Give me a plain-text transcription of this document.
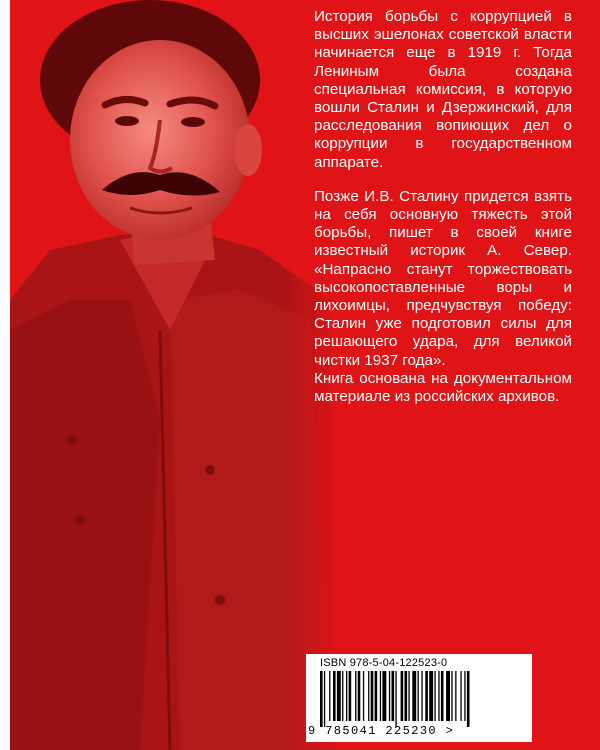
История борьбы с коррупцией в высших эшелонах советской власти начинается еще в 1919 г. Тогда Лениным была создана специальная комиссия, в которую вошли Сталин и Дзержинский, для расследования вопиющих дел о коррупции в государственном аппарате.

Позже И.В. Сталину придется взять на себя основную тяжесть этой борьбы, пишет в своей книге известный историк А. Север. «Напрасно станут торжествовать высокопоставленные воры и лихоимцы, предчувствуя победу: Сталин уже подготовил силы для решающего удара, для великой чистки 1937 года».

Книга основана на документальном материале из российских архивов.

ISBN 978-5-04-122523-0
9 785041 225230 >
